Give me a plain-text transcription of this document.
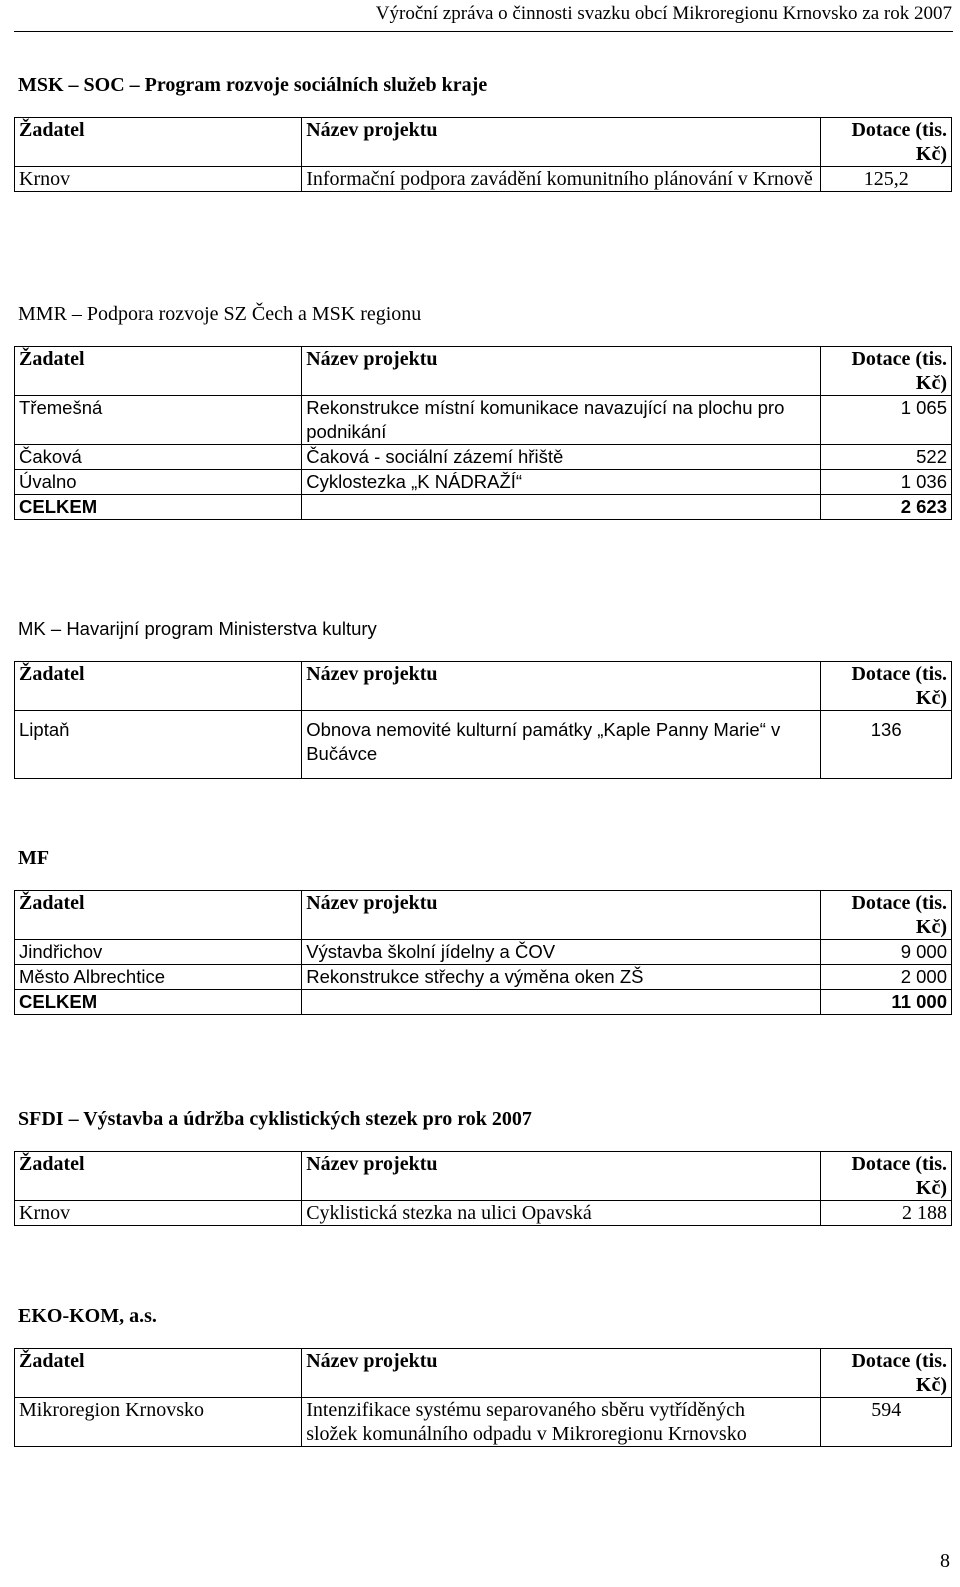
Výroční zpráva o činnosti svazku obcí Mikroregionu Krnovsko za rok 2007
MSK – SOC – Program rozvoje sociálních služeb kraje
Žadatel	Název projektu	Dotace (tis. Kč)
Krnov	Informační podpora zavádění komunitního plánování v Krnově	125,2
MMR – Podpora rozvoje SZ Čech a MSK regionu
Žadatel	Název projektu	Dotace (tis. Kč)
Třemešná	Rekonstrukce místní komunikace navazující na plochu pro podnikání	1 065
Čaková	Čaková - sociální zázemí hřiště	522
Úvalno	Cyklostezka „K NÁDRAŽÍ“	1 036
CELKEM		2 623
MK – Havarijní program Ministerstva kultury
Žadatel	Název projektu	Dotace (tis. Kč)
Liptaň	Obnova nemovité kulturní památky „Kaple Panny Marie“ v Bučávce	136
MF
Žadatel	Název projektu	Dotace (tis. Kč)
Jindřichov	Výstavba školní jídelny a ČOV	9 000
Město Albrechtice	Rekonstrukce střechy a výměna oken ZŠ	2 000
CELKEM		11 000
SFDI – Výstavba a údržba cyklistických stezek pro rok 2007
Žadatel	Název projektu	Dotace (tis. Kč)
Krnov	Cyklistická stezka na ulici Opavská	2 188
EKO-KOM, a.s.
Žadatel	Název projektu	Dotace (tis. Kč)
Mikroregion Krnovsko	Intenzifikace systému separovaného sběru vytříděných složek komunálního odpadu v Mikroregionu Krnovsko	594
8
